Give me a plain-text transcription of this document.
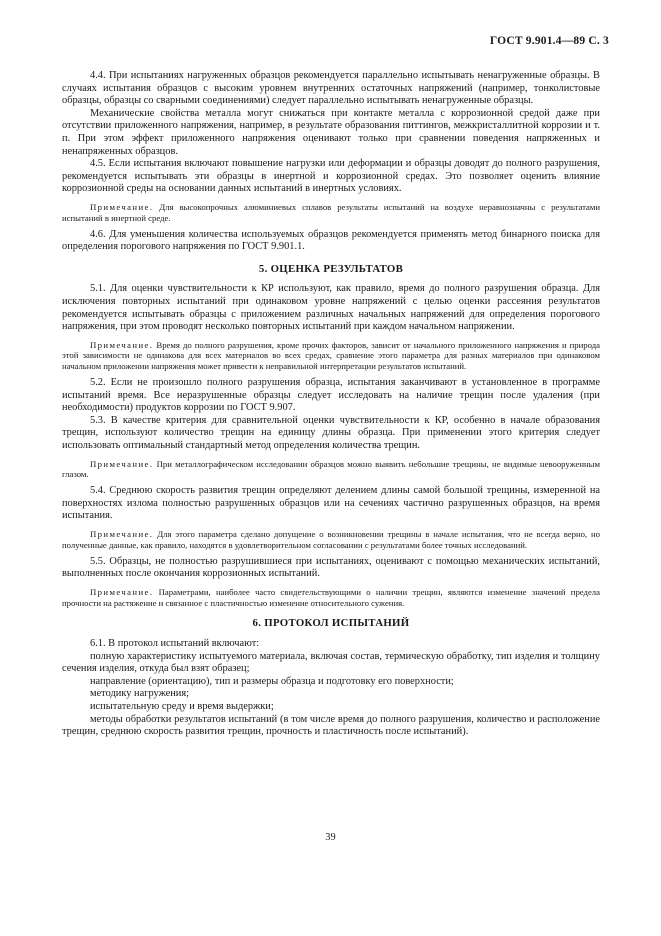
ГОСТ 9.901.4—89 С. 3

4.4. При испытаниях нагруженных образцов рекомендуется параллельно испытывать ненагруженные образцы. В случаях испытания образцов с высоким уровнем внутренних остаточных напряжений (например, тонколистовые образцы, образцы со сварными соединениями) следует параллельно испытывать ненагруженные образцы.

Механические свойства металла могут снижаться при контакте металла с коррозионной средой даже при отсутствии приложенного напряжения, например, в результате образования питтингов, межкристаллитной коррозии и т. п. При этом эффект приложенного напряжения оценивают только при сравнении поведения напряженных и ненапряженных образцов.

4.5. Если испытания включают повышение нагрузки или деформации и образцы доводят до полного разрушения, рекомендуется испытывать эти образцы в инертной и коррозионной средах. Это позволяет оценить влияние коррозионной среды на основании данных испытаний в инертных условиях.

Примечание. Для высокопрочных алюминиевых сплавов результаты испытаний на воздухе неравнозначны с результатами испытаний в инертной среде.

4.6. Для уменьшения количества используемых образцов рекомендуется применять метод бинарного поиска для определения порогового напряжения по ГОСТ 9.901.1.

5. ОЦЕНКА РЕЗУЛЬТАТОВ

5.1. Для оценки чувствительности к КР используют, как правило, время до полного разрушения образца. Для исключения повторных испытаний при одинаковом уровне напряжений с целью оценки рассеяния результатов рекомендуется испытывать образцы с приложением различных начальных напряжений для определения порогового напряжения, при этом проводят несколько повторных испытаний при каждом начальном напряжении.

Примечание. Время до полного разрушения, кроме прочих факторов, зависит от начального приложенного напряжения и природа этой зависимости не одинакова для всех материалов во всех средах, сравнение этого параметра для разных материалов при одинаковом начальном приложении напряжения может привести к неправильной интерпретации результатов испытаний.

5.2. Если не произошло полного разрушения образца, испытания заканчивают в установленное в программе испытаний время. Все неразрушенные образцы следует исследовать на наличие трещин после удаления (при необходимости) продуктов коррозии по ГОСТ 9.907.

5.3. В качестве критерия для сравнительной оценки чувствительности к КР, особенно в начале образования трещин, используют количество трещин на единицу длины образца. При применении этого критерия следует использовать оптимальный стандартный метод определения количества трещин.

Примечание. При металлографическом исследовании образцов можно выявить небольшие трещины, не видимые невооруженным глазом.

5.4. Среднюю скорость развития трещин определяют делением длины самой большой трещины, измеренной на поверхностях излома полностью разрушенных образцов или на сечениях частично разрушенных образцов, на время испытания.

Примечание. Для этого параметра сделано допущение о возникновении трещины в начале испытания, что не всегда верно, но полученные данные, как правило, находятся в удовлетворительном согласовании с результатами более точных исследований.

5.5. Образцы, не полностью разрушившиеся при испытаниях, оценивают с помощью механических испытаний, выполненных после окончания коррозионных испытаний.

Примечание. Параметрами, наиболее часто свидетельствующими о наличии трещин, являются изменение значений предела прочности на растяжение и связанное с пластичностью изменение относительного сужения.

6. ПРОТОКОЛ ИСПЫТАНИЙ

6.1. В протокол испытаний включают:

полную характеристику испытуемого материала, включая состав, термическую обработку, тип изделия и толщину сечения изделия, откуда был взят образец;

направление (ориентацию), тип и размеры образца и подготовку его поверхности;

методику нагружения;

испытательную среду и время выдержки;

методы обработки результатов испытаний (в том числе время до полного разрушения, количество и расположение трещин, среднюю скорость развития трещин, прочность и пластичность после испытаний).

39
